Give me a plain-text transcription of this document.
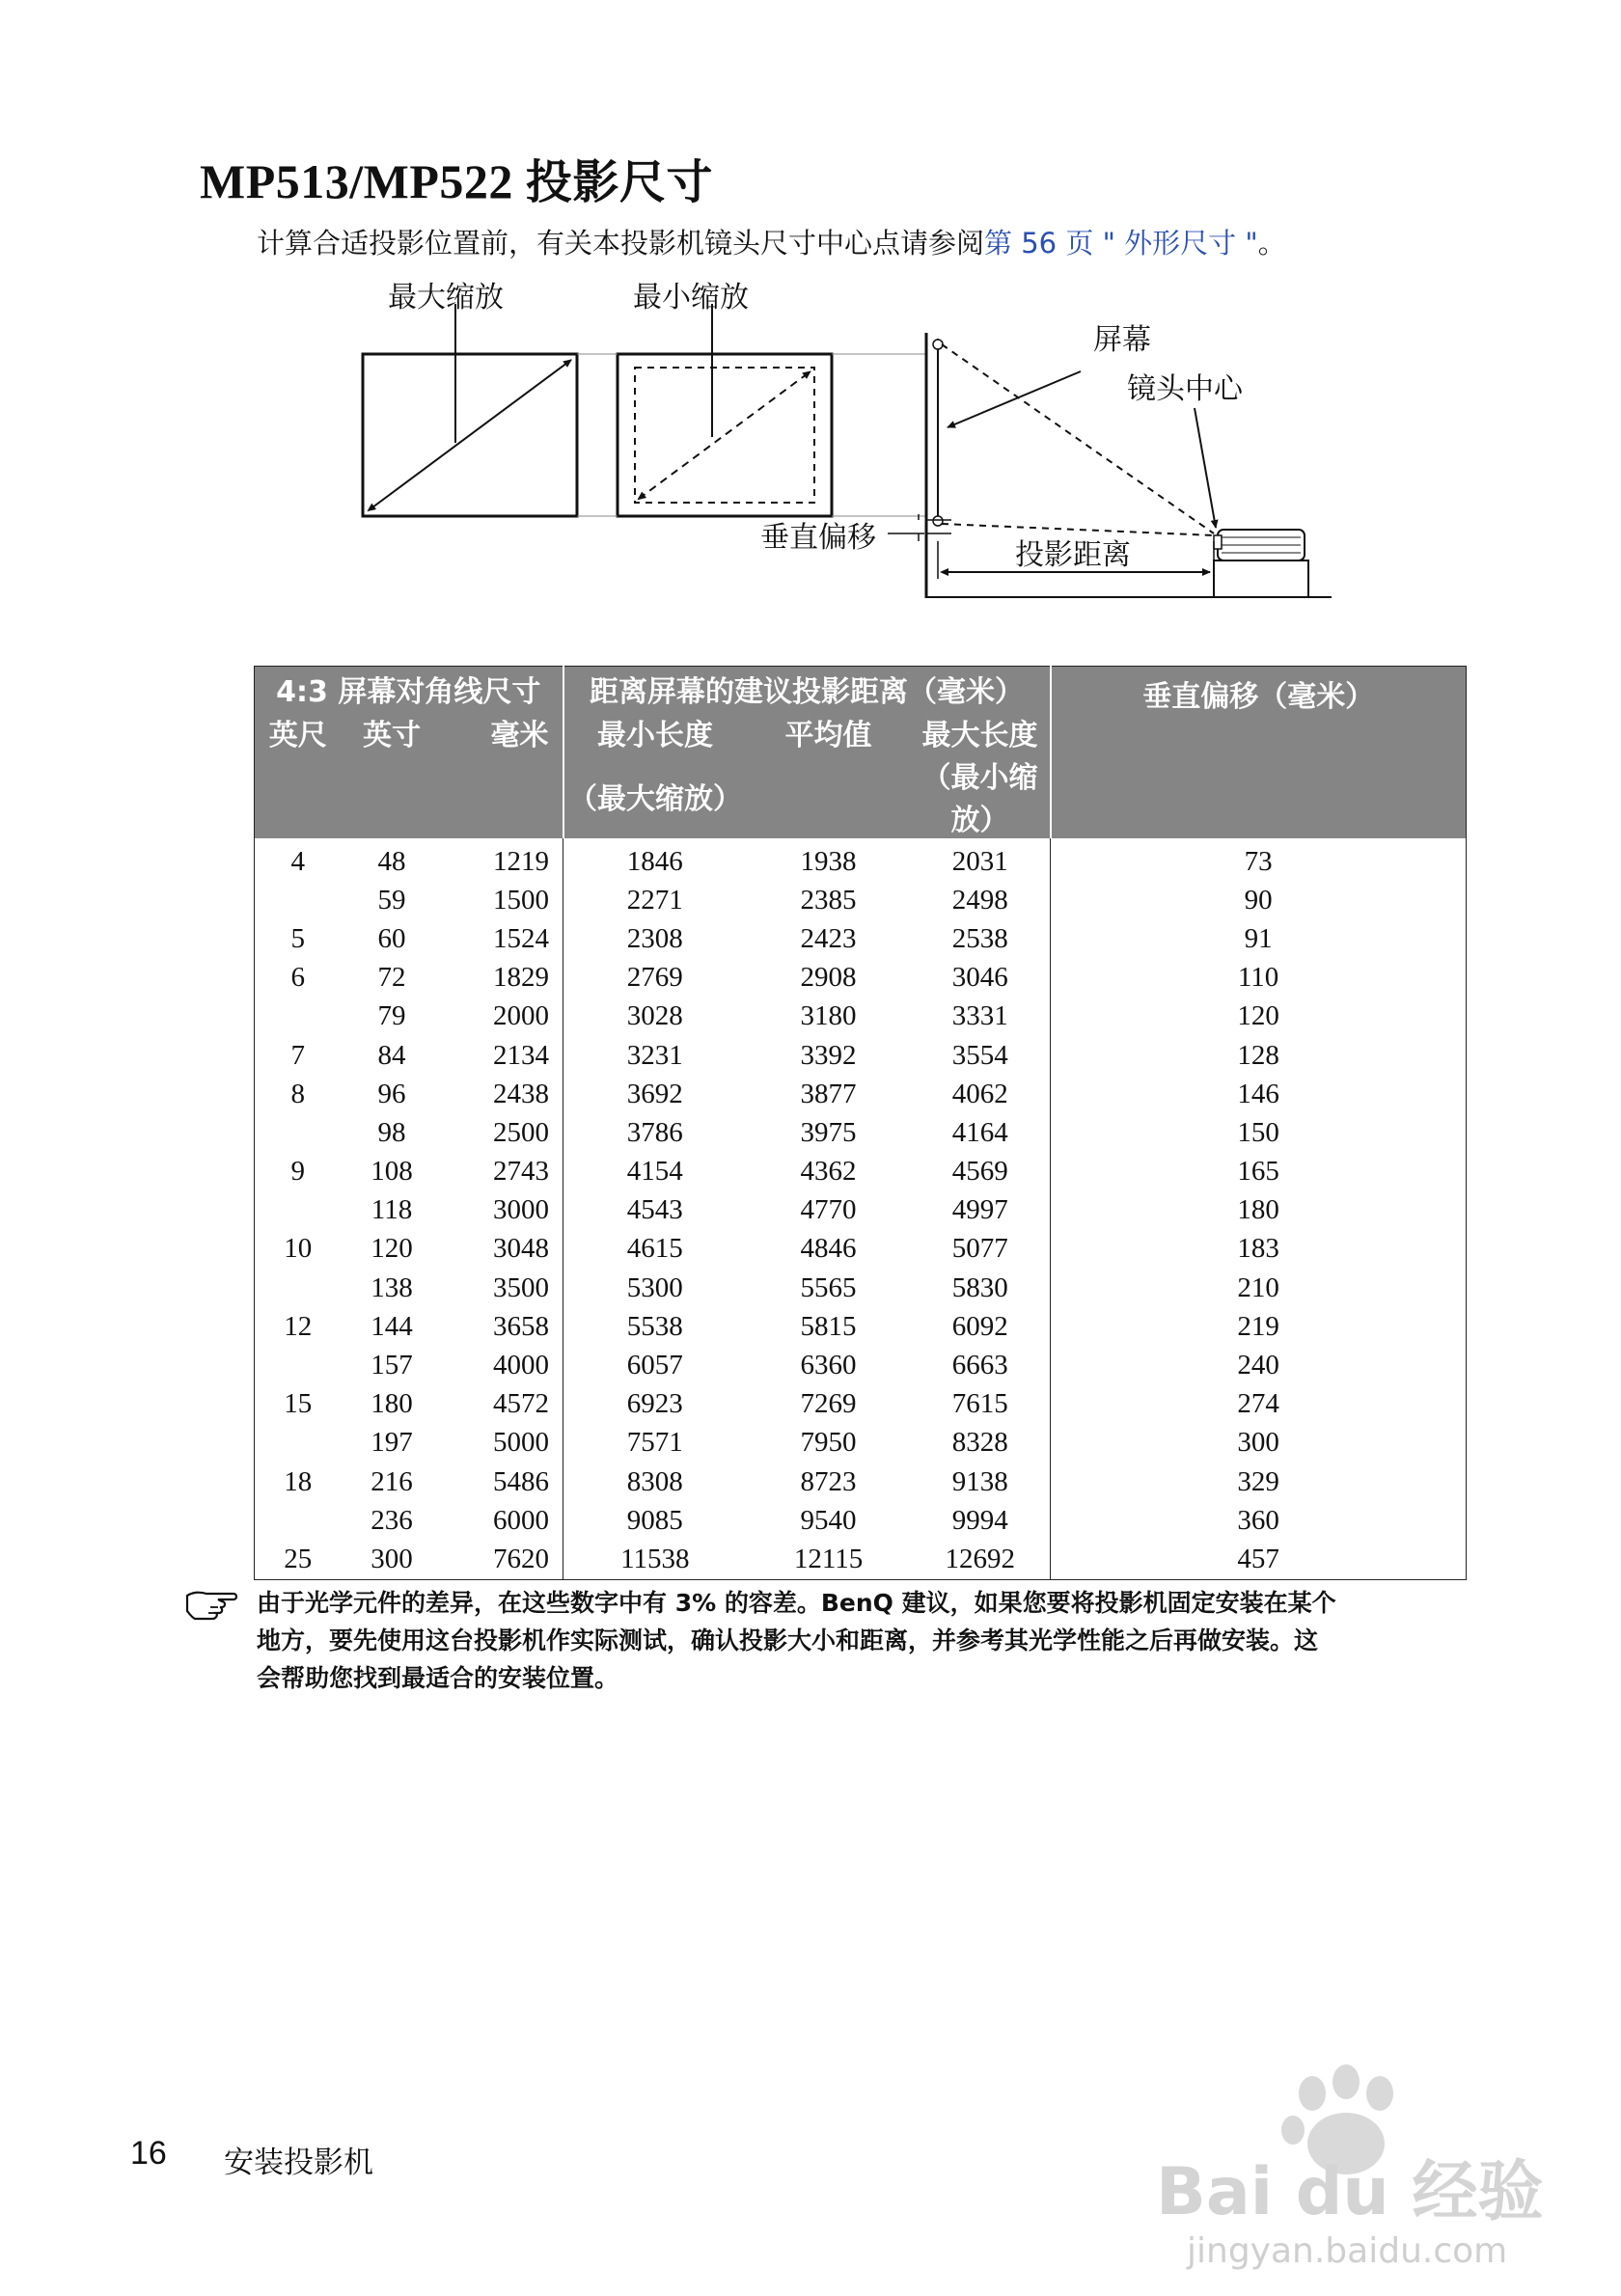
MP513/MP522 投影尺寸
计算合适投影位置前，有关本投影机镜头尺寸中心点请参阅第 56 页 " 外形尺寸 "。
最大缩放	最小缩放
屏幕
镜头中心
垂直偏移
投影距离
4:3 屏幕对角线尺寸			距离屏幕的建议投影距离（毫米）			垂直偏移（毫米）
英尺	英寸	毫米	最小长度	平均值	最大长度	
			（最大缩放）		（最小缩放）	
4	48	1219	1846	1938	2031	73
	59	1500	2271	2385	2498	90
5	60	1524	2308	2423	2538	91
6	72	1829	2769	2908	3046	110
	79	2000	3028	3180	3331	120
7	84	2134	3231	3392	3554	128
8	96	2438	3692	3877	4062	146
	98	2500	3786	3975	4164	150
9	108	2743	4154	4362	4569	165
	118	3000	4543	4770	4997	180
10	120	3048	4615	4846	5077	183
	138	3500	5300	5565	5830	210
12	144	3658	5538	5815	6092	219
	157	4000	6057	6360	6663	240
15	180	4572	6923	7269	7615	274
	197	5000	7571	7950	8328	300
18	216	5486	8308	8723	9138	329
	236	6000	9085	9540	9994	360
25	300	7620	11538	12115	12692	457
由于光学元件的差异，在这些数字中有 3% 的容差。BenQ 建议，如果您要将投影机固定安装在某个
地方，要先使用这台投影机作实际测试，确认投影大小和距离，并参考其光学性能之后再做安装。这
会帮助您找到最适合的安装位置。
16 安装投影机	Bai du 经验
jingyan.baidu.com
